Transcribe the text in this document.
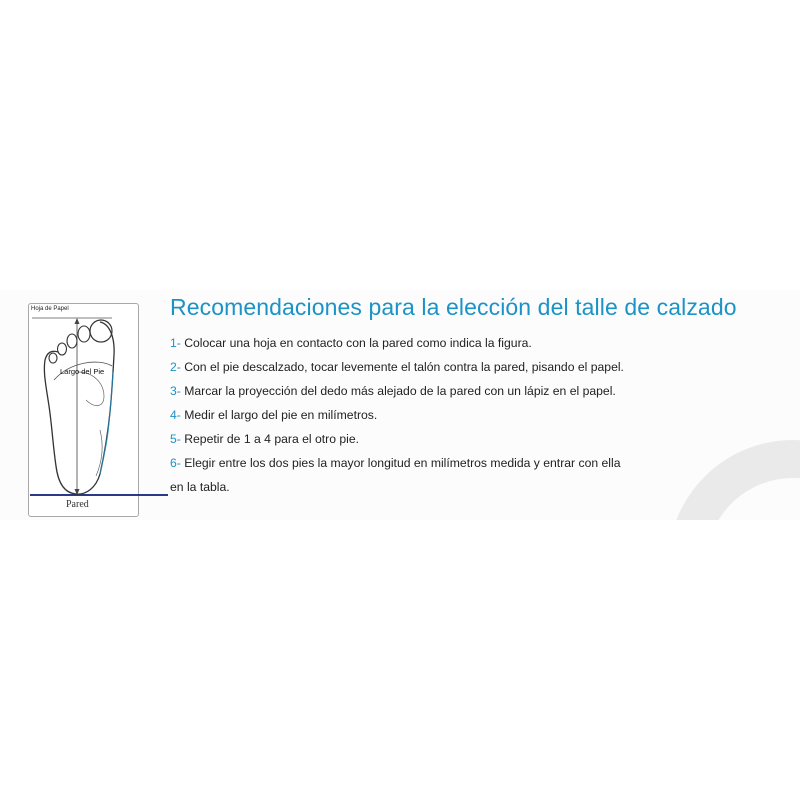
Hoja de Papel
Largo del Pie
Pared
Recomendaciones para la elección del talle de calzado
1- Colocar una hoja en contacto con la pared como indica la figura.
2- Con el pie descalzado, tocar levemente el talón contra la pared, pisando el papel.
3- Marcar la proyección del dedo más alejado de la pared con un lápiz en el papel.
4- Medir el largo del pie en milímetros.
5- Repetir de 1 a 4 para el otro pie.
6- Elegir entre los dos pies la mayor longitud en milímetros medida y entrar con ella
en la tabla.
